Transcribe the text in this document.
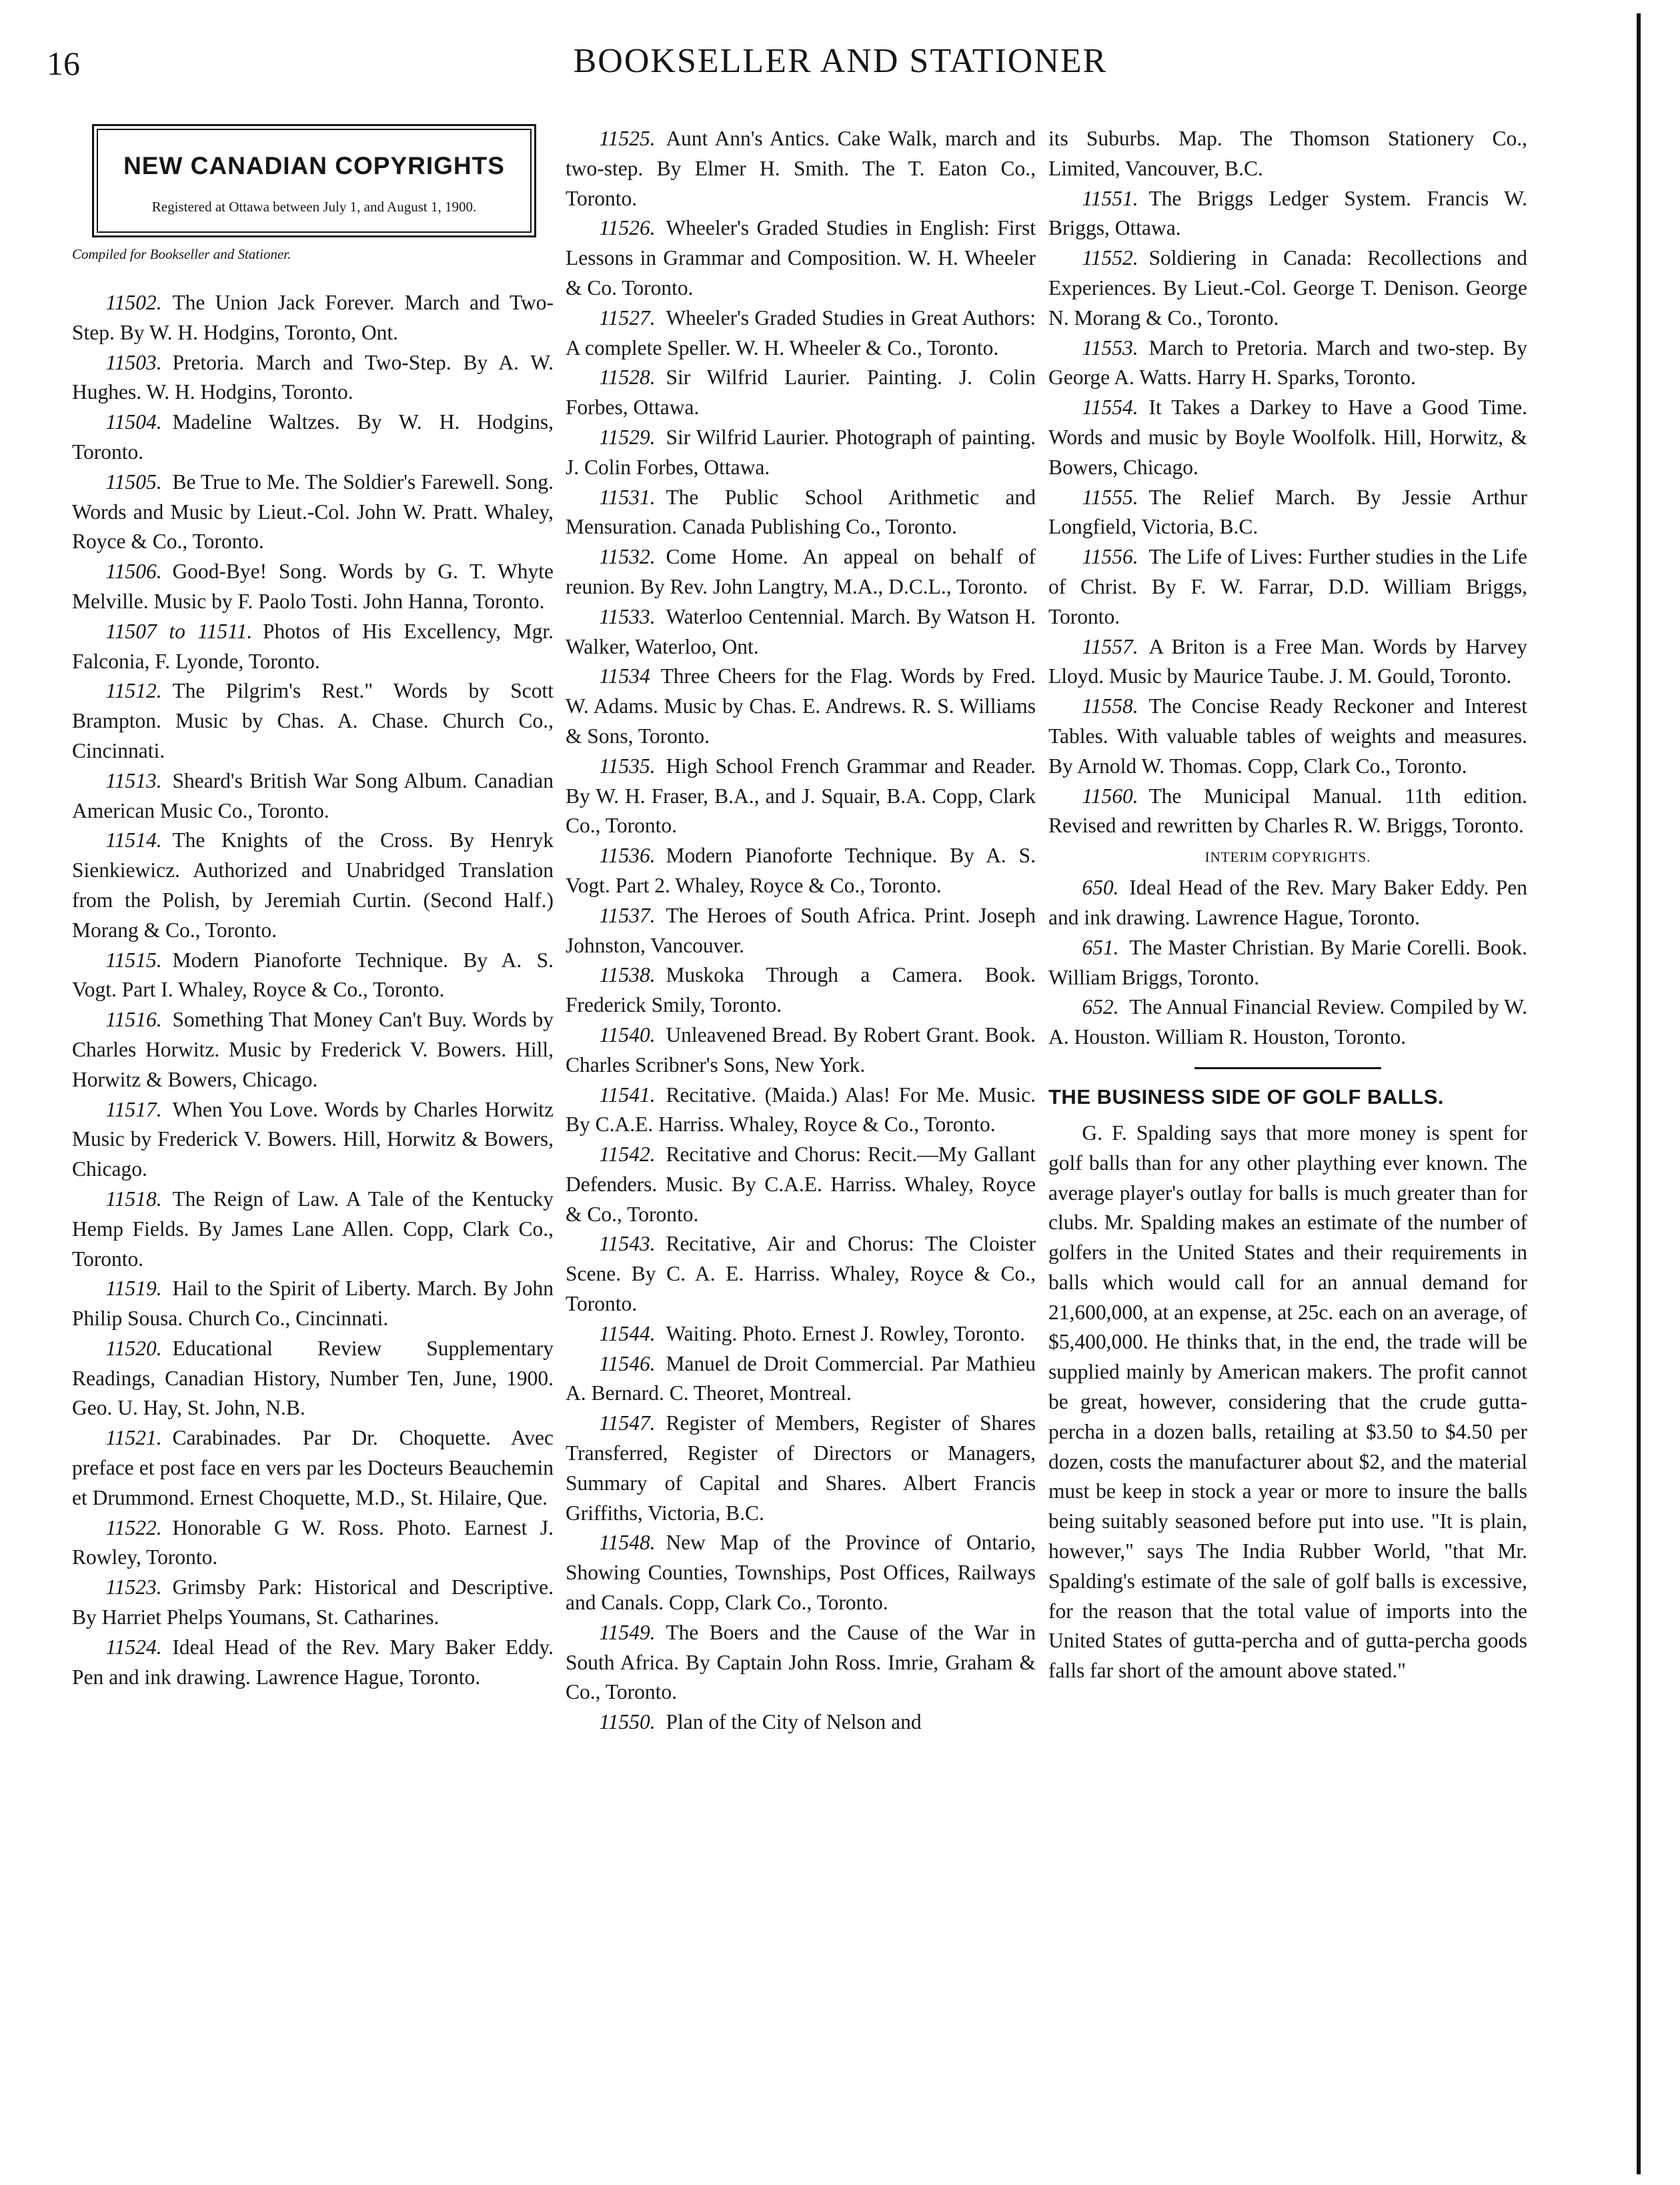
16	BOOKSELLER AND STATIONER
NEW CANADIAN COPYRIGHTS
Registered at Ottawa between July 1, and August 1, 1900.
Compiled for Bookseller and Stationer.

11502.  The Union Jack Forever. March and Two-Step. By W. H. Hodgins, Toronto, Ont.

11503.  Pretoria. March and Two-Step. By A. W. Hughes. W. H. Hodgins, Toronto.

11504.  Madeline Waltzes. By W. H. Hodgins, Toronto.

11505.  Be True to Me. The Soldier's Farewell. Song. Words and Music by Lieut.-Col. John W. Pratt. Whaley, Royce & Co., Toronto.

11506.  Good-Bye! Song. Words by G. T. Whyte Melville. Music by F. Paolo Tosti. John Hanna, Toronto.

11507 to 11511.  Photos of His Excellency, Mgr. Falconia, F. Lyonde, Toronto.

11512.  The Pilgrim's Rest." Words by Scott Brampton. Music by Chas. A. Chase. Church Co., Cincinnati.

11513.  Sheard's British War Song Album. Canadian American Music Co., Toronto.

11514.  The Knights of the Cross. By Henryk Sienkiewicz. Authorized and Unabridged Translation from the Polish, by Jeremiah Curtin. (Second Half.) Morang & Co., Toronto.

11515.  Modern Pianoforte Technique. By A. S. Vogt. Part I. Whaley, Royce & Co., Toronto.

11516.  Something That Money Can't Buy. Words by Charles Horwitz. Music by Frederick V. Bowers. Hill, Horwitz & Bowers, Chicago.

11517.  When You Love. Words by Charles Horwitz Music by Frederick V. Bowers. Hill, Horwitz & Bowers, Chicago.

11518.  The Reign of Law. A Tale of the Kentucky Hemp Fields. By James Lane Allen. Copp, Clark Co., Toronto.

11519.  Hail to the Spirit of Liberty. March. By John Philip Sousa. Church Co., Cincinnati.

11520.  Educational Review Supplementary Readings, Canadian History, Number Ten, June, 1900. Geo. U. Hay, St. John, N.B.

11521.  Carabinades. Par Dr. Choquette. Avec preface et post face en vers par les Docteurs Beauchemin et Drummond. Ernest Choquette, M.D., St. Hilaire, Que.

11522.  Honorable G W. Ross. Photo. Earnest J. Rowley, Toronto.

11523.  Grimsby Park: Historical and Descriptive. By Harriet Phelps Youmans, St. Catharines.

11524.  Ideal Head of the Rev. Mary Baker Eddy. Pen and ink drawing. Lawrence Hague, Toronto.

11525.  Aunt Ann's Antics. Cake Walk, march and two-step. By Elmer H. Smith. The T. Eaton Co., Toronto.

11526.  Wheeler's Graded Studies in English: First Lessons in Grammar and Composition. W. H. Wheeler & Co. Toronto.

11527.  Wheeler's Graded Studies in Great Authors: A complete Speller. W. H. Wheeler & Co., Toronto.

11528.  Sir Wilfrid Laurier. Painting. J. Colin Forbes, Ottawa.

11529.  Sir Wilfrid Laurier. Photograph of painting. J. Colin Forbes, Ottawa.

11531.  The Public School Arithmetic and Mensuration. Canada Publishing Co., Toronto.

11532.  Come Home. An appeal on behalf of reunion. By Rev. John Langtry, M.A., D.C.L., Toronto.

11533.  Waterloo Centennial. March. By Watson H. Walker, Waterloo, Ont.

11534  Three Cheers for the Flag. Words by Fred. W. Adams. Music by Chas. E. Andrews. R. S. Williams & Sons, Toronto.

11535.  High School French Grammar and Reader. By W. H. Fraser, B.A., and J. Squair, B.A. Copp, Clark Co., Toronto.

11536.  Modern Pianoforte Technique. By A. S. Vogt. Part 2. Whaley, Royce & Co., Toronto.

11537.  The Heroes of South Africa. Print. Joseph Johnston, Vancouver.

11538.  Muskoka Through a Camera. Book. Frederick Smily, Toronto.

11540.  Unleavened Bread. By Robert Grant. Book. Charles Scribner's Sons, New York.

11541.  Recitative. (Maida.) Alas! For Me. Music. By C.A.E. Harriss. Whaley, Royce & Co., Toronto.

11542.  Recitative and Chorus: Recit.—My Gallant Defenders. Music. By C.A.E. Harriss. Whaley, Royce & Co., Toronto.

11543.  Recitative, Air and Chorus: The Cloister Scene. By C. A. E. Harriss. Whaley, Royce & Co., Toronto.

11544.  Waiting. Photo. Ernest J. Rowley, Toronto.

11546.  Manuel de Droit Commercial. Par Mathieu A. Bernard. C. Theoret, Montreal.

11547.  Register of Members, Register of Shares Transferred, Register of Directors or Managers, Summary of Capital and Shares. Albert Francis Griffiths, Victoria, B.C.

11548.  New Map of the Province of Ontario, Showing Counties, Townships, Post Offices, Railways and Canals. Copp, Clark Co., Toronto.

11549.  The Boers and the Cause of the War in South Africa. By Captain John Ross. Imrie, Graham & Co., Toronto.

11550.  Plan of the City of Nelson and

its Suburbs. Map. The Thomson Stationery Co., Limited, Vancouver, B.C.

11551.  The Briggs Ledger System. Francis W. Briggs, Ottawa.

11552.  Soldiering in Canada: Recollections and Experiences. By Lieut.-Col. George T. Denison. George N. Morang & Co., Toronto.

11553.  March to Pretoria. March and two-step. By George A. Watts. Harry H. Sparks, Toronto.

11554.  It Takes a Darkey to Have a Good Time. Words and music by Boyle Woolfolk. Hill, Horwitz, & Bowers, Chicago.

11555.  The Relief March. By Jessie Arthur Longfield, Victoria, B.C.

11556.  The Life of Lives: Further studies in the Life of Christ. By F. W. Farrar, D.D. William Briggs, Toronto.

11557.  A Briton is a Free Man. Words by Harvey Lloyd. Music by Maurice Taube. J. M. Gould, Toronto.

11558.  The Concise Ready Reckoner and Interest Tables. With valuable tables of weights and measures. By Arnold W. Thomas. Copp, Clark Co., Toronto.

11560.  The Municipal Manual. 11th edition. Revised and rewritten by Charles R. W. Briggs, Toronto.

INTERIM COPYRIGHTS.

650.  Ideal Head of the Rev. Mary Baker Eddy. Pen and ink drawing. Lawrence Hague, Toronto.

651.  The Master Christian. By Marie Corelli. Book. William Briggs, Toronto.

652.  The Annual Financial Review. Compiled by W. A. Houston. William R. Houston, Toronto.

THE BUSINESS SIDE OF GOLF BALLS.

G. F. Spalding says that more money is spent for golf balls than for any other plaything ever known. The average player's outlay for balls is much greater than for clubs. Mr. Spalding makes an estimate of the number of golfers in the United States and their requirements in balls which would call for an annual demand for 21,600,000, at an expense, at 25c. each on an average, of $5,400,000. He thinks that, in the end, the trade will be supplied mainly by American makers. The profit cannot be great, however, considering that the crude gutta-percha in a dozen balls, retailing at $3.50 to $4.50 per dozen, costs the manufacturer about $2, and the material must be keep in stock a year or more to insure the balls being suitably seasoned before put into use. "It is plain, however," says The India Rubber World, "that Mr. Spalding's estimate of the sale of golf balls is excessive, for the reason that the total value of imports into the United States of gutta-percha and of gutta-percha goods falls far short of the amount above stated."
